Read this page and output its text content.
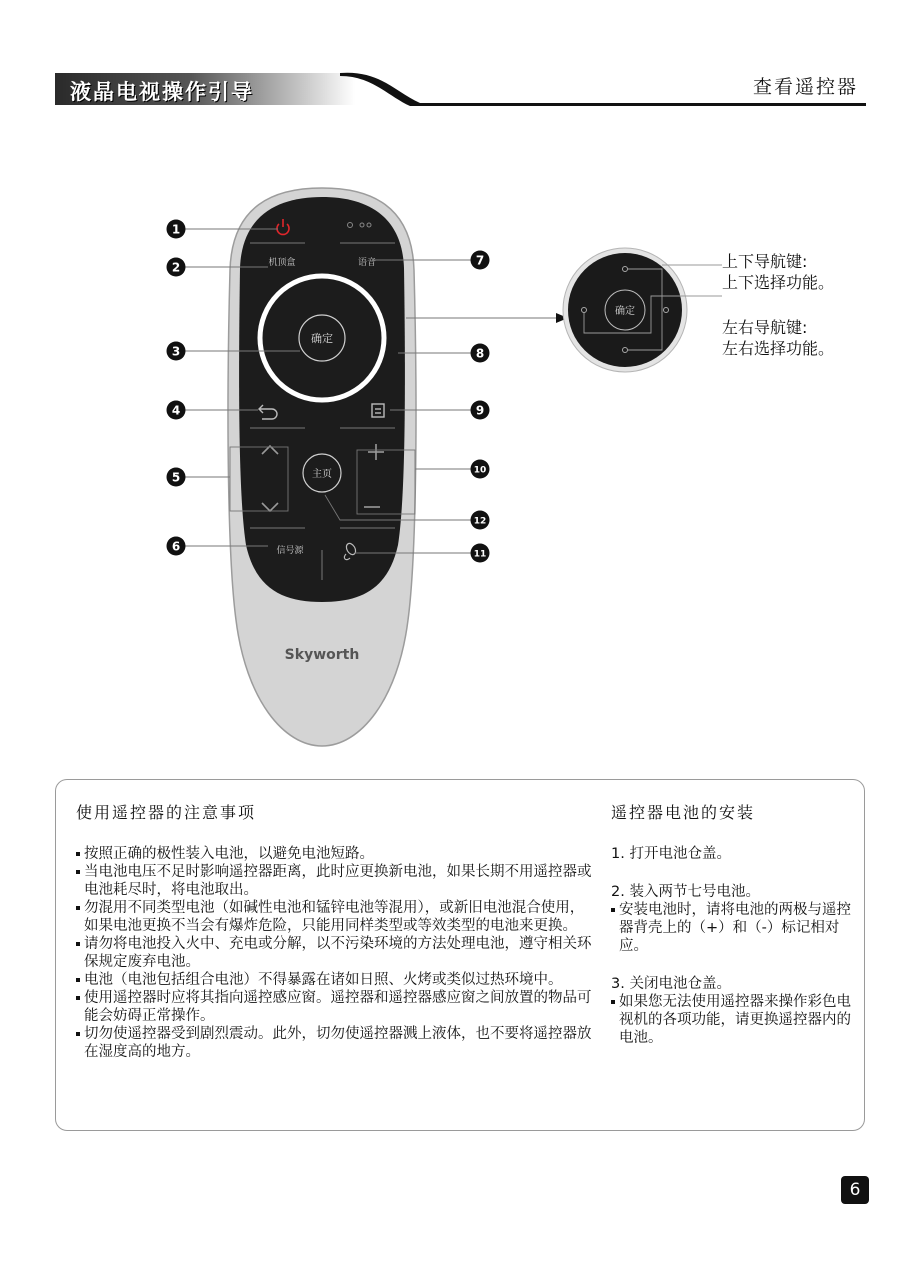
液晶电视操作引导	查看遥控器
机顶盒	语音
确定
主页
信号源
Skyworth
确定
1
2
3
4
5
6
7
8
9
10
12
11
上下导航键:
上下选择功能。
左右导航键:
左右选择功能。
使用遥控器的注意事项
按照正确的极性装入电池，以避免电池短路。
当电池电压不足时影响遥控器距离，此时应更换新电池，如果长期不用遥控器或电池耗尽时，将电池取出。
勿混用不同类型电池（如碱性电池和锰锌电池等混用），或新旧电池混合使用，如果电池更换不当会有爆炸危险，只能用同样类型或等效类型的电池来更换。
请勿将电池投入火中、充电或分解，以不污染环境的方法处理电池，遵守相关环保规定废弃电池。
电池（电池包括组合电池）不得暴露在诸如日照、火烤或类似过热环境中。
使用遥控器时应将其指向遥控感应窗。遥控器和遥控器感应窗之间放置的物品可能会妨碍正常操作。
切勿使遥控器受到剧烈震动。此外，切勿使遥控器溅上液体，也不要将遥控器放在湿度高的地方。
遥控器电池的安装

1. 打开电池仓盖。

2. 装入两节七号电池。

安装电池时，请将电池的两极与遥控器背壳上的（+）和（-）标记相对应。

3. 关闭电池仓盖。

如果您无法使用遥控器来操作彩色电视机的各项功能，请更换遥控器内的电池。
6
